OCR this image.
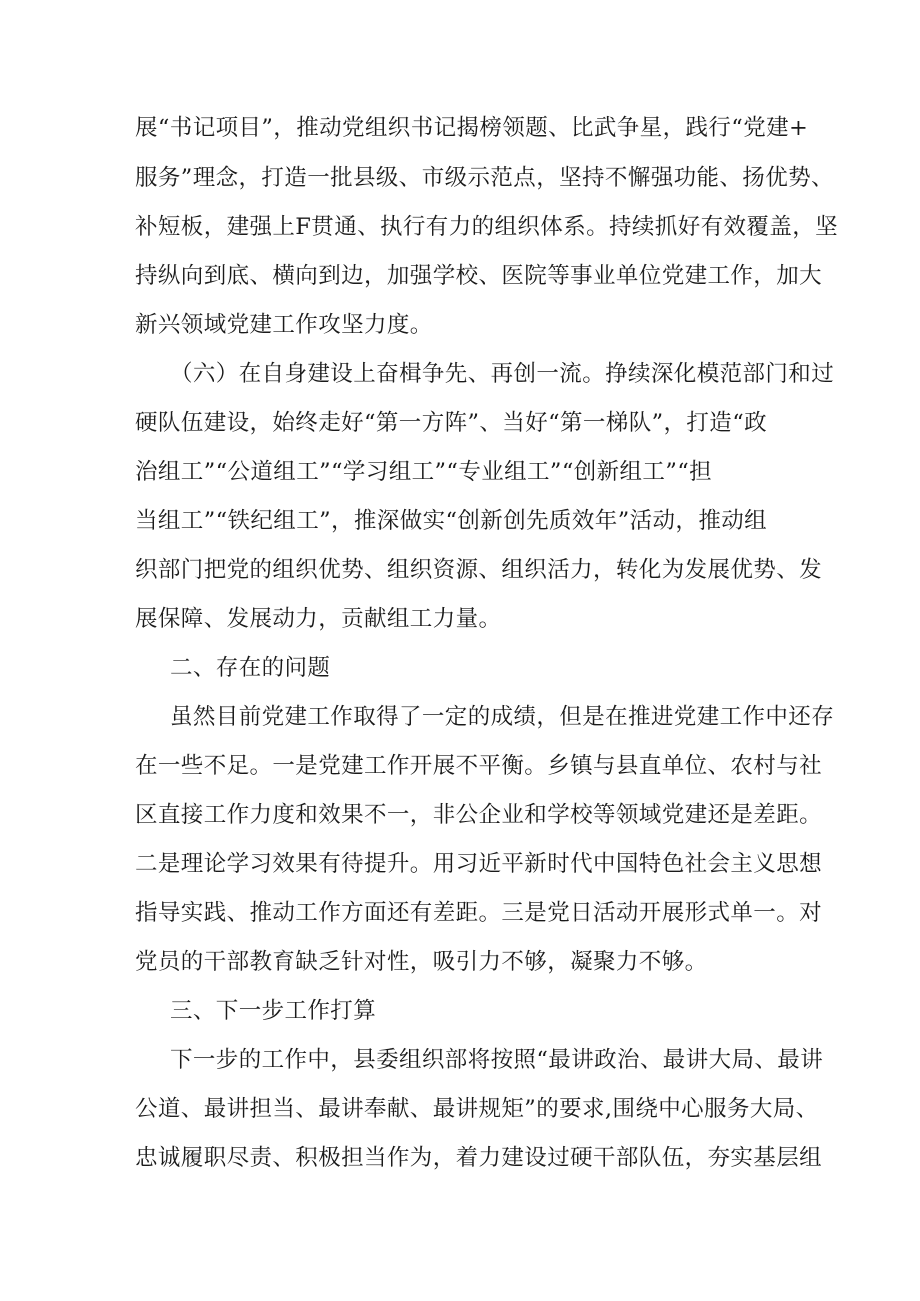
展“书记项目”，推动党组织书记揭榜领题、比武争星，践行“党建+
服务”理念，打造一批县级、市级示范点，坚持不懈强功能、扬优势、
补短板，建强上F贯通、执行有力的组织体系。持续抓好有效覆盖，坚
持纵向到底、横向到边，加强学校、医院等事业单位党建工作，加大
新兴领域党建工作攻坚力度。
（六）在自身建设上奋楫争先、再创一流。挣续深化模范部门和过
硬队伍建设，始终走好“第一方阵”、当好“第一梯队”，打造“政
治组工”“公道组工”“学习组工”“专业组工”“创新组工”“担
当组工”“铁纪组工”，推深做实“创新创先质效年”活动，推动组
织部门把党的组织优势、组织资源、组织活力，转化为发展优势、发
展保障、发展动力，贡献组工力量。
二、存在的问题
虽然目前党建工作取得了一定的成绩，但是在推进党建工作中还存
在一些不足。一是党建工作开展不平衡。乡镇与县直单位、农村与社
区直接工作力度和效果不一，非公企业和学校等领域党建还是差距。
二是理论学习效果有待提升。用习近平新时代中国特色社会主义思想
指导实践、推动工作方面还有差距。三是党日活动开展形式单一。对
党员的干部教育缺乏针对性，吸引力不够，凝聚力不够。
三、下一步工作打算
下一步的工作中，县委组织部将按照“最讲政治、最讲大局、最讲
公道、最讲担当、最讲奉献、最讲规矩”的要求,围绕中心服务大局、
忠诚履职尽责、积极担当作为，着力建设过硬干部队伍，夯实基层组
